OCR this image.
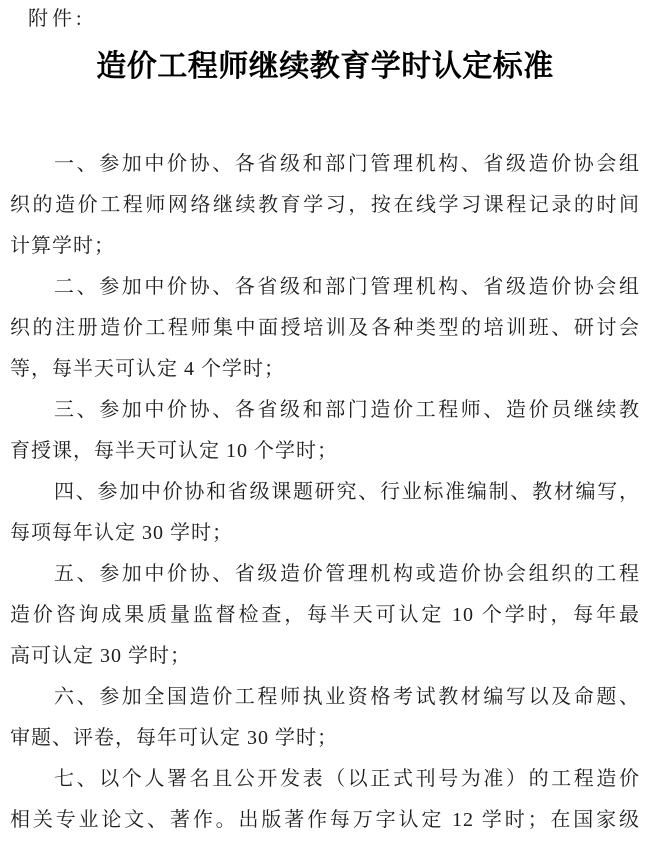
附件:
造价工程师继续教育学时认定标准
一、参加中价协、各省级和部门管理机构、省级造价协会组
织的造价工程师网络继续教育学习，按在线学习课程记录的时间
计算学时；
二、参加中价协、各省级和部门管理机构、省级造价协会组
织的注册造价工程师集中面授培训及各种类型的培训班、研讨会
等，每半天可认定 4 个学时；
三、参加中价协、各省级和部门造价工程师、造价员继续教
育授课，每半天可认定 10 个学时；
四、参加中价协和省级课题研究、行业标准编制、教材编写，
每项每年认定 30 学时；
五、参加中价协、省级造价管理机构或造价协会组织的工程
造价咨询成果质量监督检查，每半天可认定 10 个学时，每年最
高可认定 30 学时；
六、参加全国造价工程师执业资格考试教材编写以及命题、
审题、评卷，每年可认定 30 学时；
七、以个人署名且公开发表（以正式刊号为准）的工程造价
相关专业论文、著作。出版著作每万字认定 12 学时；在国家级
